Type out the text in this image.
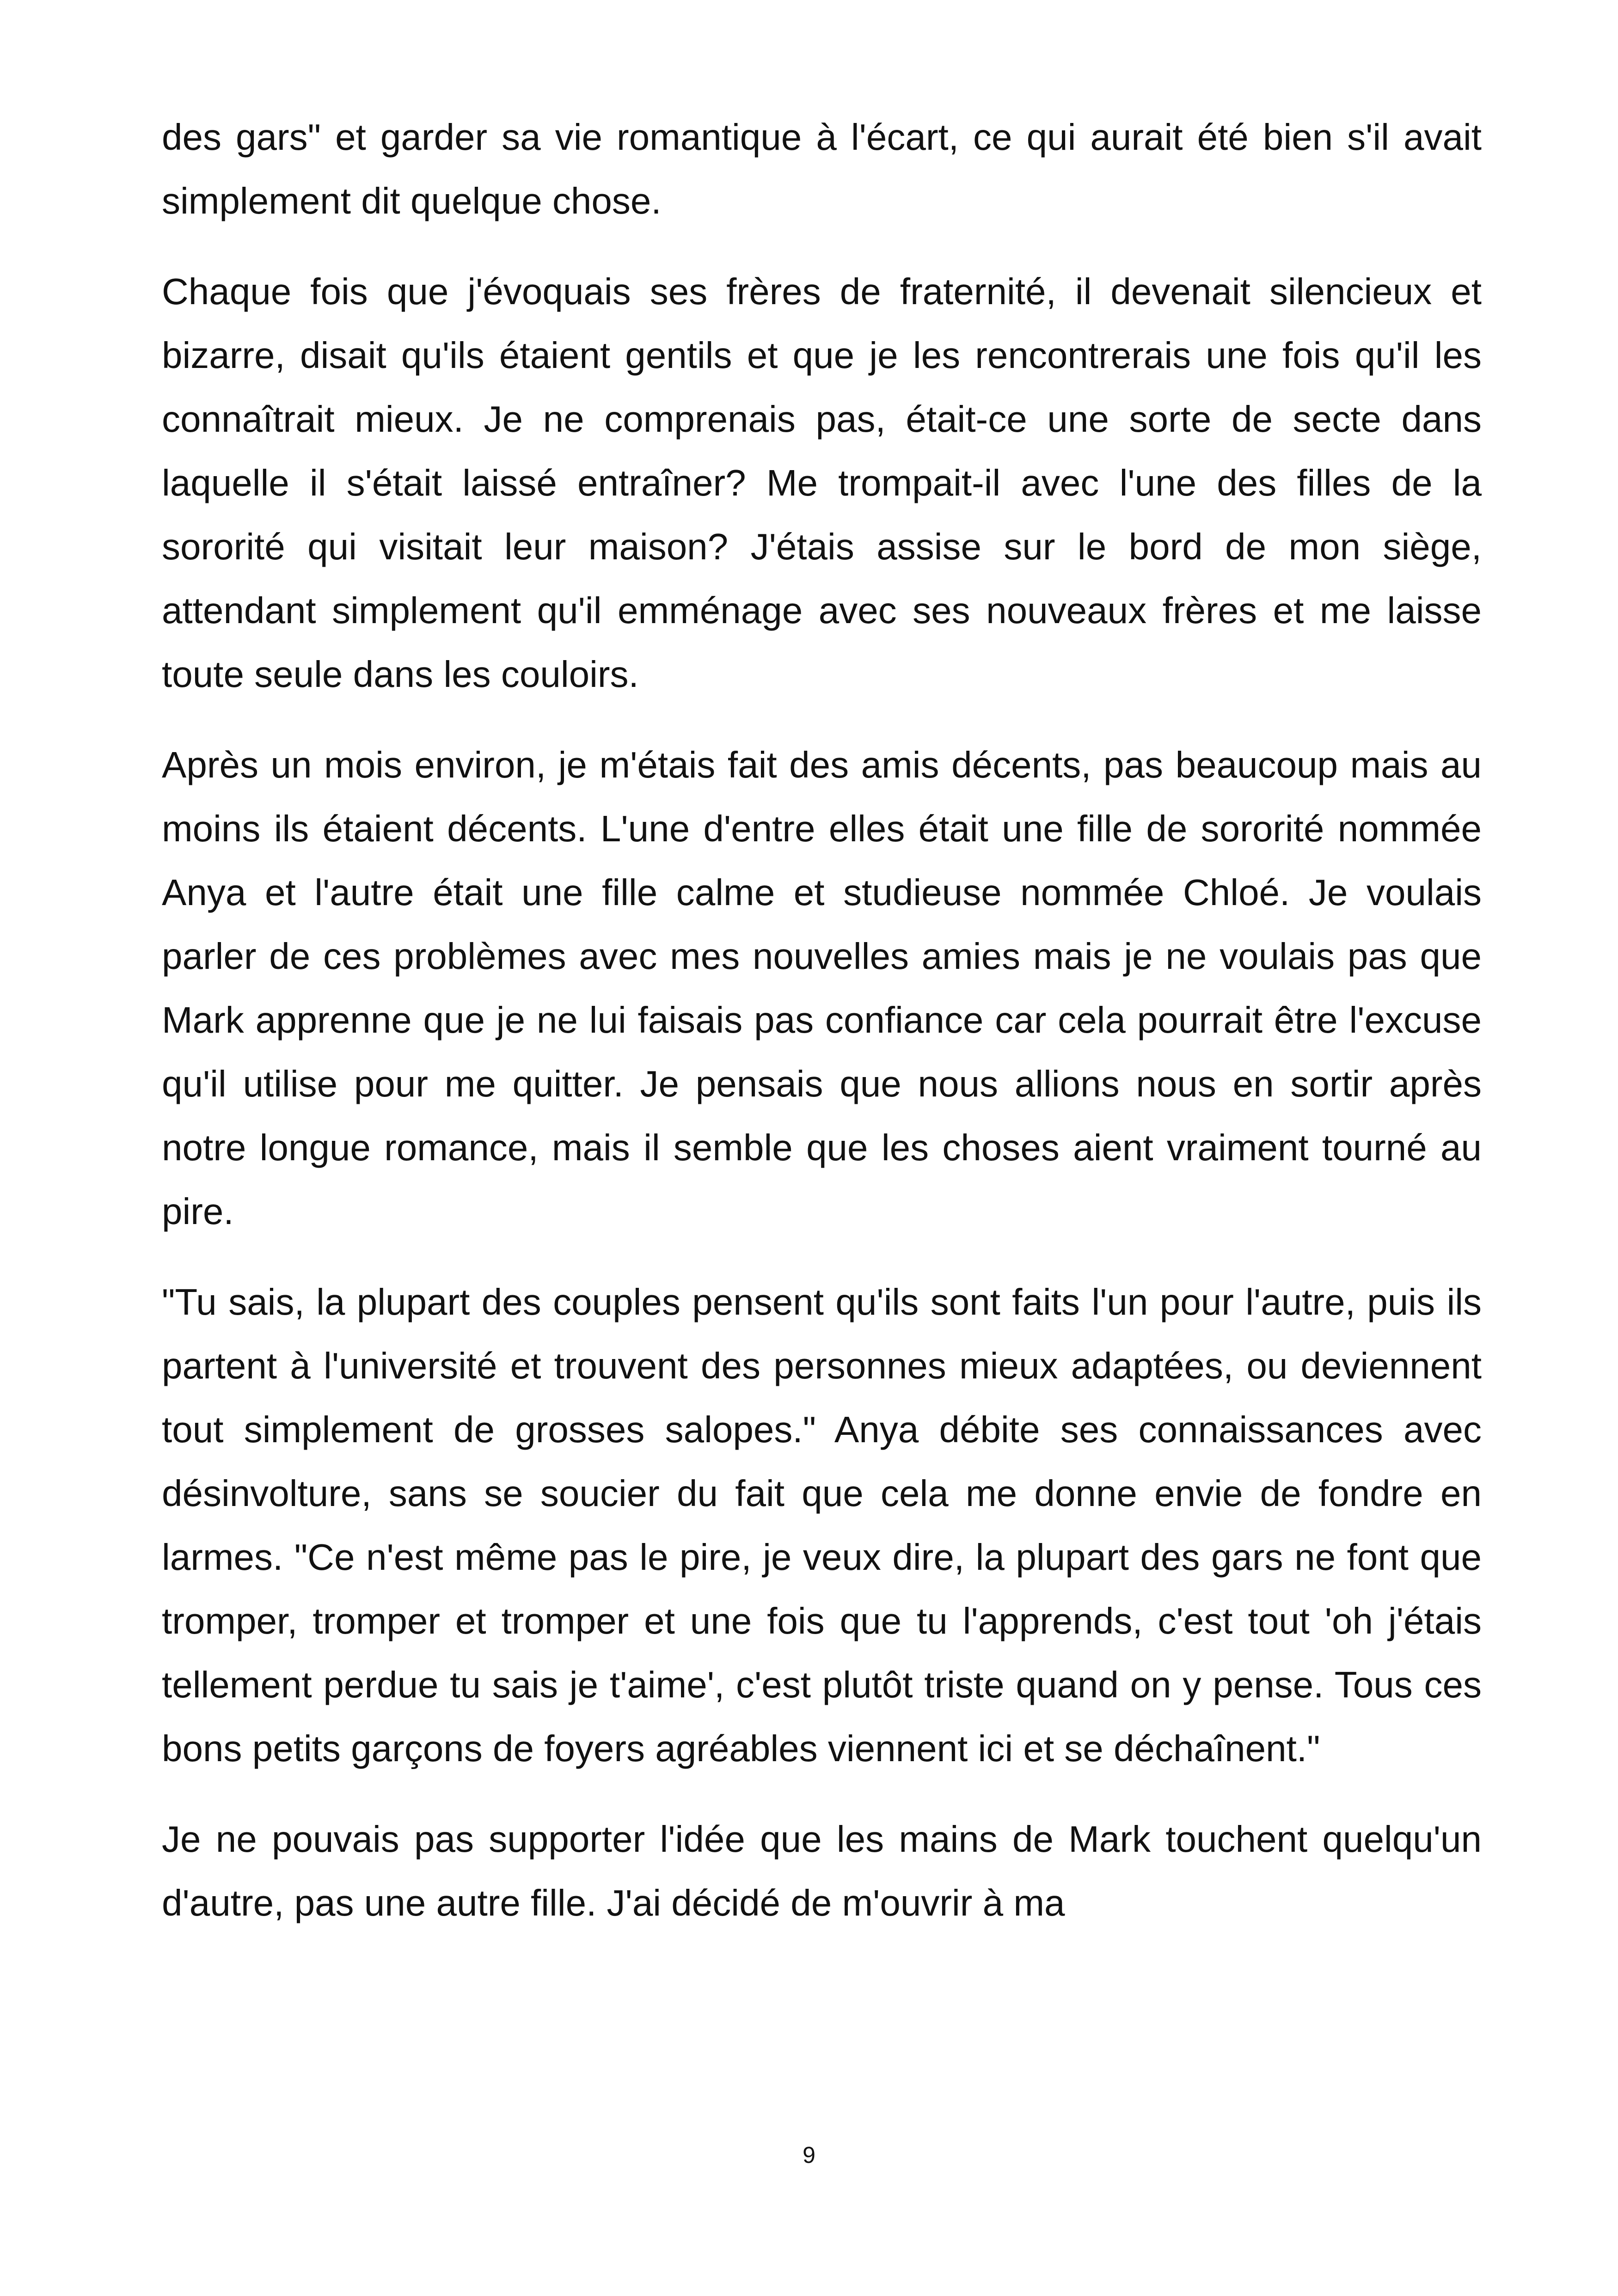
des gars" et garder sa vie romantique à l'écart, ce qui aurait été bien s'il avait simplement dit quelque chose.

Chaque fois que j'évoquais ses frères de fraternité, il devenait silencieux et bizarre, disait qu'ils étaient gentils et que je les rencontrerais une fois qu'il les connaîtrait mieux. Je ne comprenais pas, était-ce une sorte de secte dans laquelle il s'était laissé entraîner? Me trompait-il avec l'une des filles de la sororité qui visitait leur maison? J'étais assise sur le bord de mon siège, attendant simplement qu'il emménage avec ses nouveaux frères et me laisse toute seule dans les couloirs.

Après un mois environ, je m'étais fait des amis décents, pas beaucoup mais au moins ils étaient décents. L'une d'entre elles était une fille de sororité nommée Anya et l'autre était une fille calme et studieuse nommée Chloé. Je voulais parler de ces problèmes avec mes nouvelles amies mais je ne voulais pas que Mark apprenne que je ne lui faisais pas confiance car cela pourrait être l'excuse qu'il utilise pour me quitter. Je pensais que nous allions nous en sortir après notre longue romance, mais il semble que les choses aient vraiment tourné au pire.

"Tu sais, la plupart des couples pensent qu'ils sont faits l'un pour l'autre, puis ils partent à l'université et trouvent des personnes mieux adaptées, ou deviennent tout simplement de grosses salopes." Anya débite ses connaissances avec désinvolture, sans se soucier du fait que cela me donne envie de fondre en larmes. "Ce n'est même pas le pire, je veux dire, la plupart des gars ne font que tromper, tromper et tromper et une fois que tu l'apprends, c'est tout 'oh j'étais tellement perdue tu sais je t'aime', c'est plutôt triste quand on y pense. Tous ces bons petits garçons de foyers agréables viennent ici et se déchaînent."

Je ne pouvais pas supporter l'idée que les mains de Mark touchent quelqu'un d'autre, pas une autre fille. J'ai décidé de m'ouvrir à ma

9
